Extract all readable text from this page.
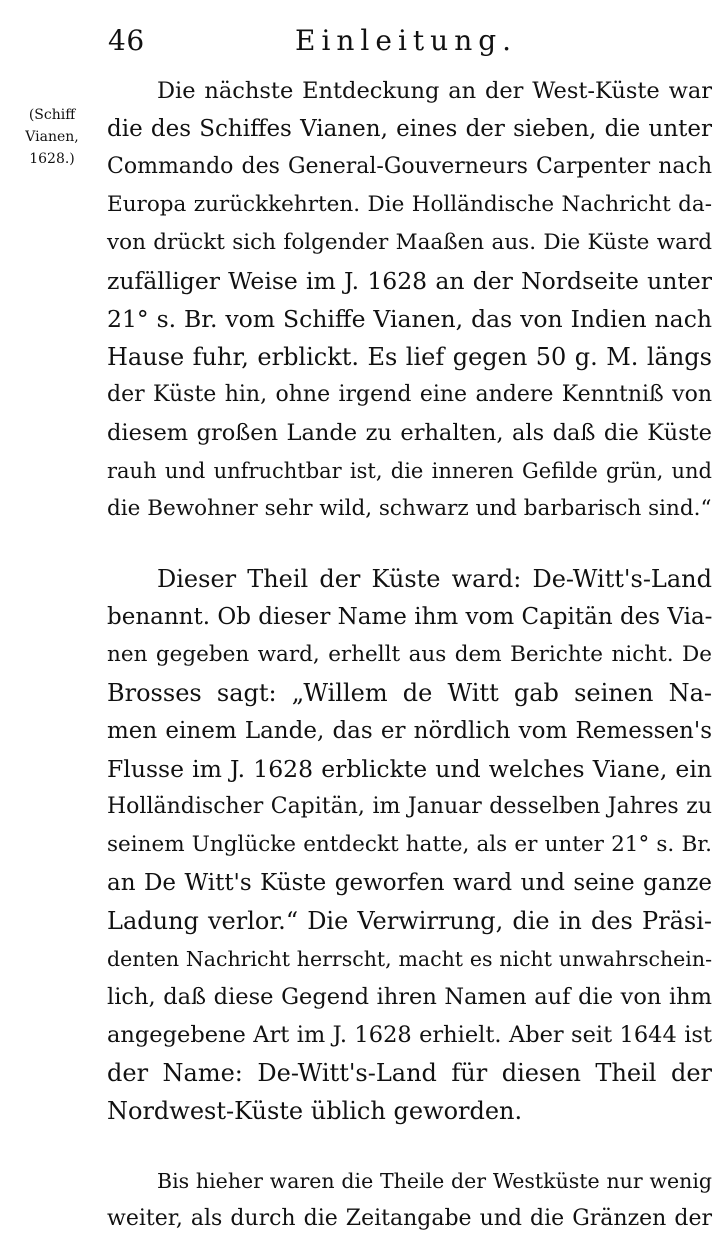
46	Einleitung.
(Schiff
Vianen,
1628.)
Die nächste Entdeckung an der West-Küste war
die des Schiffes Vianen, eines der sieben, die unter
Commando des General-Gouverneurs Carpenter nach
Europa zurückkehrten. Die Holländische Nachricht da-
von drückt sich folgender Maaßen aus. Die Küste ward
zufälliger Weise im J. 1628 an der Nordseite unter
21° s. Br. vom Schiffe Vianen, das von Indien nach
Hause fuhr, erblickt. Es lief gegen 50 g. M. längs
der Küste hin, ohne irgend eine andere Kenntniß von
diesem großen Lande zu erhalten, als daß die Küste
rauh und unfruchtbar ist, die inneren Gefilde grün, und
die Bewohner sehr wild, schwarz und barbarisch sind.“
Dieser Theil der Küste ward: De-Witt's-Land
benannt. Ob dieser Name ihm vom Capitän des Via-
nen gegeben ward, erhellt aus dem Berichte nicht. De
Brosses sagt: „Willem de Witt gab seinen Na-
men einem Lande, das er nördlich vom Remessen's
Flusse im J. 1628 erblickte und welches Viane, ein
Holländischer Capitän, im Januar desselben Jahres zu
seinem Unglücke entdeckt hatte, als er unter 21° s. Br.
an De Witt's Küste geworfen ward und seine ganze
Ladung verlor.“ Die Verwirrung, die in des Präsi-
denten Nachricht herrscht, macht es nicht unwahrschein-
lich, daß diese Gegend ihren Namen auf die von ihm
angegebene Art im J. 1628 erhielt. Aber seit 1644 ist
der Name: De-Witt's-Land für diesen Theil der
Nordwest-Küste üblich geworden.
Bis hieher waren die Theile der Westküste nur wenig
weiter, als durch die Zeitangabe und die Gränzen der
